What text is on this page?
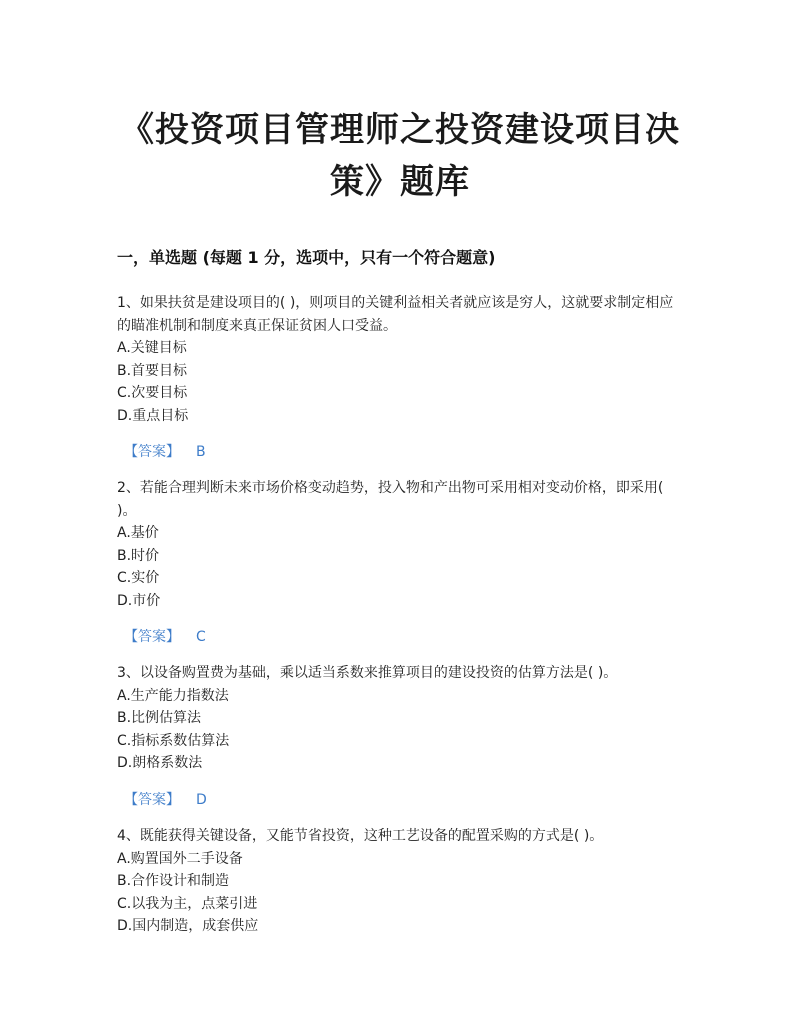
《投资项目管理师之投资建设项目决策》题库
一，单选题 (每题 1 分，选项中，只有一个符合题意)

1、如果扶贫是建设项目的( )，则项目的关键利益相关者就应该是穷人，这就要求制定相应的瞄准机制和制度来真正保证贫困人口受益。

A.关键目标

B.首要目标

C.次要目标

D.重点目标

【答案】 B

2、若能合理判断未来市场价格变动趋势，投入物和产出物可采用相对变动价格，即采用( )。

A.基价

B.时价

C.实价

D.市价

【答案】 C

3、以设备购置费为基础，乘以适当系数来推算项目的建设投资的估算方法是( )。

A.生产能力指数法

B.比例估算法

C.指标系数估算法

D.朗格系数法

【答案】 D

4、既能获得关键设备，又能节省投资，这种工艺设备的配置采购的方式是( )。

A.购置国外二手设备

B.合作设计和制造

C.以我为主，点菜引进

D.国内制造，成套供应
